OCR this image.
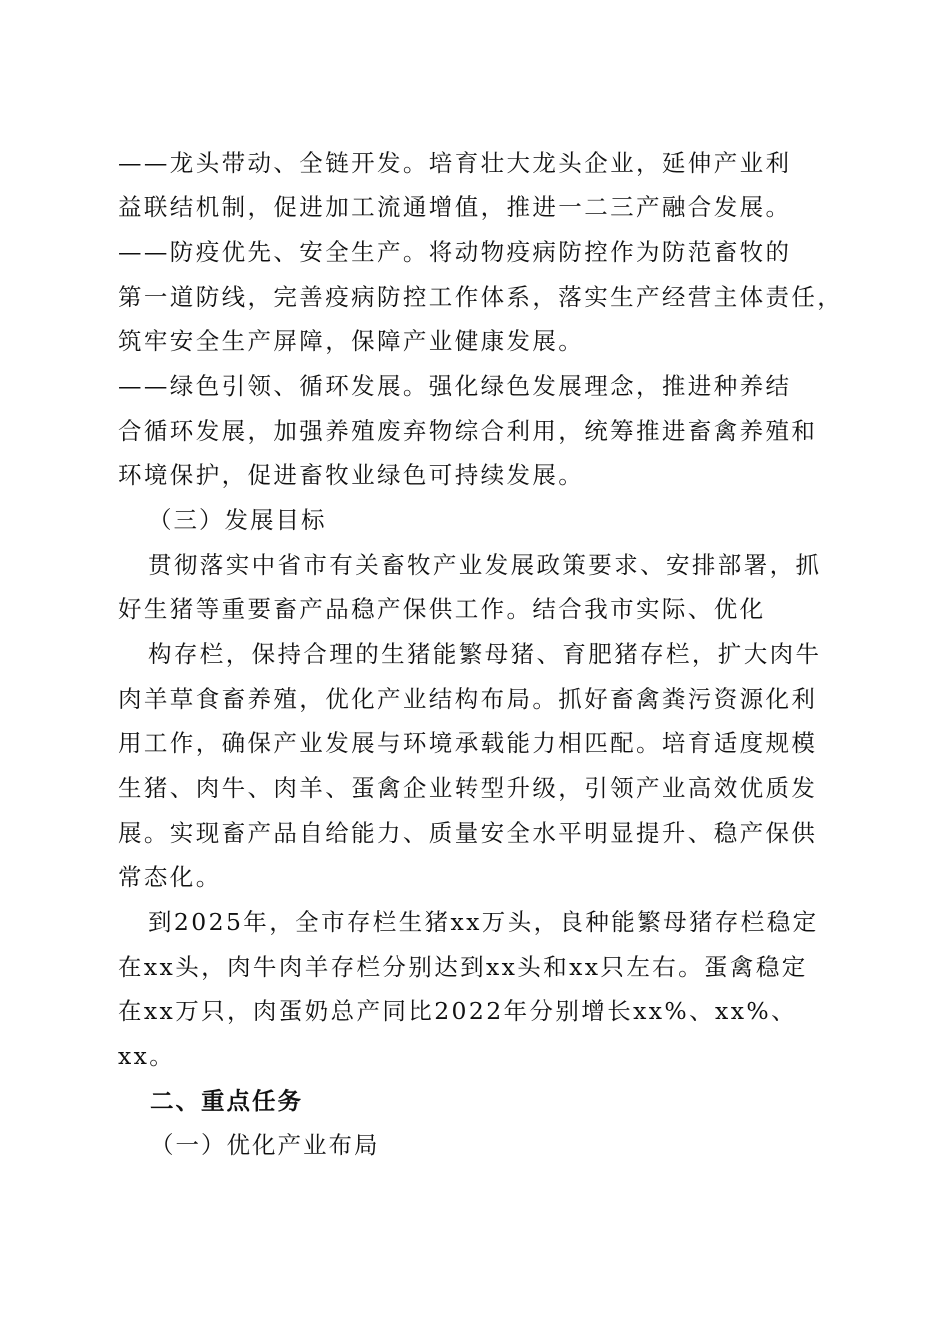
——龙头带动、全链开发。培育壮大龙头企业，延伸产业利
益联结机制，促进加工流通增值，推进一二三产融合发展。
——防疫优先、安全生产。将动物疫病防控作为防范畜牧的
第一道防线，完善疫病防控工作体系，落实生产经营主体责任，
筑牢安全生产屏障，保障产业健康发展。
——绿色引领、循环发展。强化绿色发展理念，推进种养结
合循环发展，加强养殖废弃物综合利用，统筹推进畜禽养殖和
环境保护，促进畜牧业绿色可持续发展。
（三）发展目标
贯彻落实中省市有关畜牧产业发展政策要求、安排部署，抓
好生猪等重要畜产品稳产保供工作。结合我市实际、优化
构存栏，保持合理的生猪能繁母猪、育肥猪存栏，扩大肉牛
肉羊草食畜养殖，优化产业结构布局。抓好畜禽粪污资源化利
用工作，确保产业发展与环境承载能力相匹配。培育适度规模
生猪、肉牛、肉羊、蛋禽企业转型升级，引领产业高效优质发
展。实现畜产品自给能力、质量安全水平明显提升、稳产保供
常态化。
到2025年，全市存栏生猪xx万头，良种能繁母猪存栏稳定
在xx头，肉牛肉羊存栏分别达到xx头和xx只左右。蛋禽稳定
在xx万只，肉蛋奶总产同比2022年分别增长xx%、xx%、
xx。
二、重点任务
（一）优化产业布局
